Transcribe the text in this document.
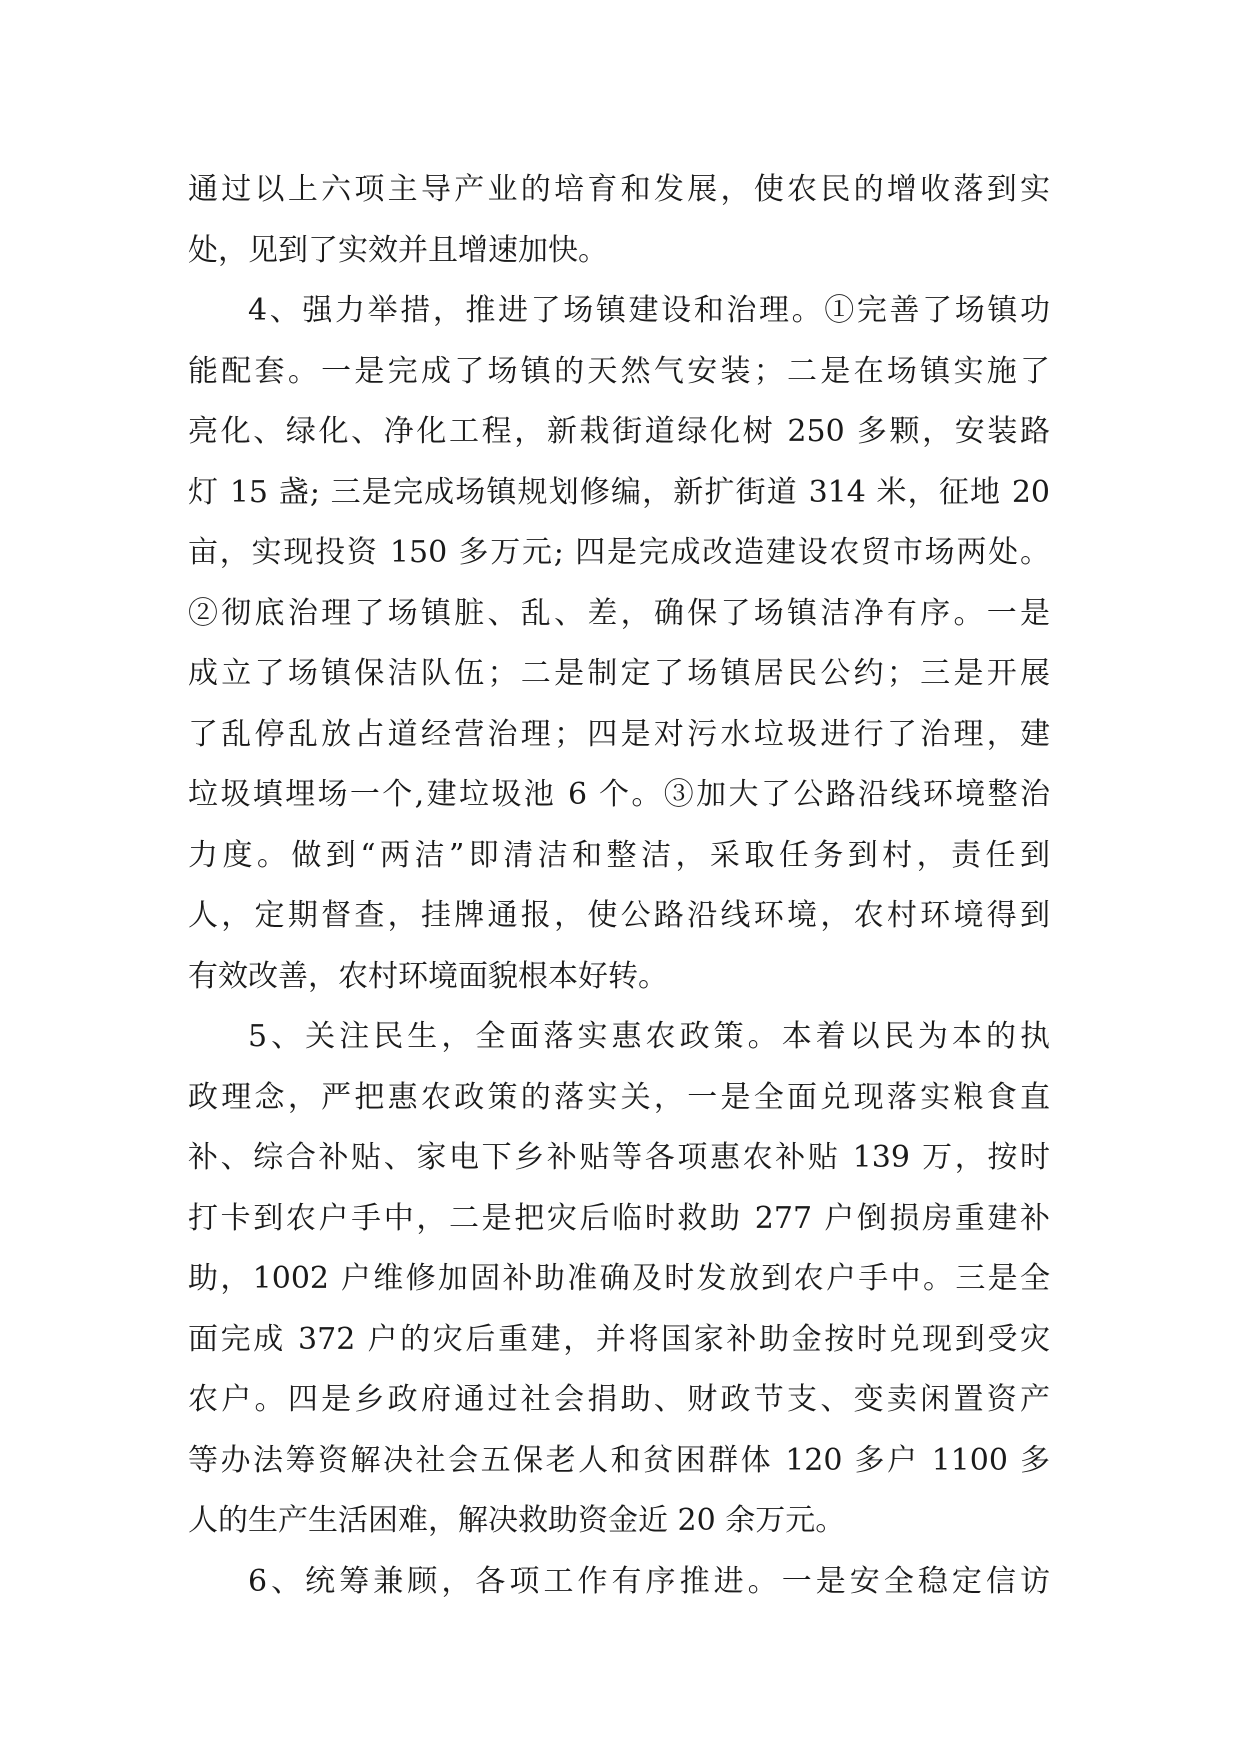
通过以上六项主导产业的培育和发展，使农民的增收落到实
处，见到了实效并且增速加快。
4、强力举措，推进了场镇建设和治理。①完善了场镇功
能配套。一是完成了场镇的天然气安装；二是在场镇实施了
亮化、绿化、净化工程，新栽街道绿化树 250 多颗，安装路
灯 15 盏; 三是完成场镇规划修编，新扩街道 314 米，征地 20
亩，实现投资 150 多万元; 四是完成改造建设农贸市场两处。
②彻底治理了场镇脏、乱、差，确保了场镇洁净有序。一是
成立了场镇保洁队伍；二是制定了场镇居民公约；三是开展
了乱停乱放占道经营治理；四是对污水垃圾进行了治理，建
垃圾填埋场一个,建垃圾池 6 个。③加大了公路沿线环境整治
力度。做到“两洁”即清洁和整洁，采取任务到村，责任到
人，定期督查，挂牌通报，使公路沿线环境，农村环境得到
有效改善，农村环境面貌根本好转。
5、关注民生，全面落实惠农政策。本着以民为本的执
政理念，严把惠农政策的落实关，一是全面兑现落实粮食直
补、综合补贴、家电下乡补贴等各项惠农补贴 139 万，按时
打卡到农户手中，二是把灾后临时救助 277 户倒损房重建补
助，1002 户维修加固补助准确及时发放到农户手中。三是全
面完成 372 户的灾后重建，并将国家补助金按时兑现到受灾
农户。四是乡政府通过社会捐助、财政节支、变卖闲置资产
等办法筹资解决社会五保老人和贫困群体 120 多户 1100 多
人的生产生活困难，解决救助资金近 20 余万元。
6、统筹兼顾，各项工作有序推进。一是安全稳定信访
